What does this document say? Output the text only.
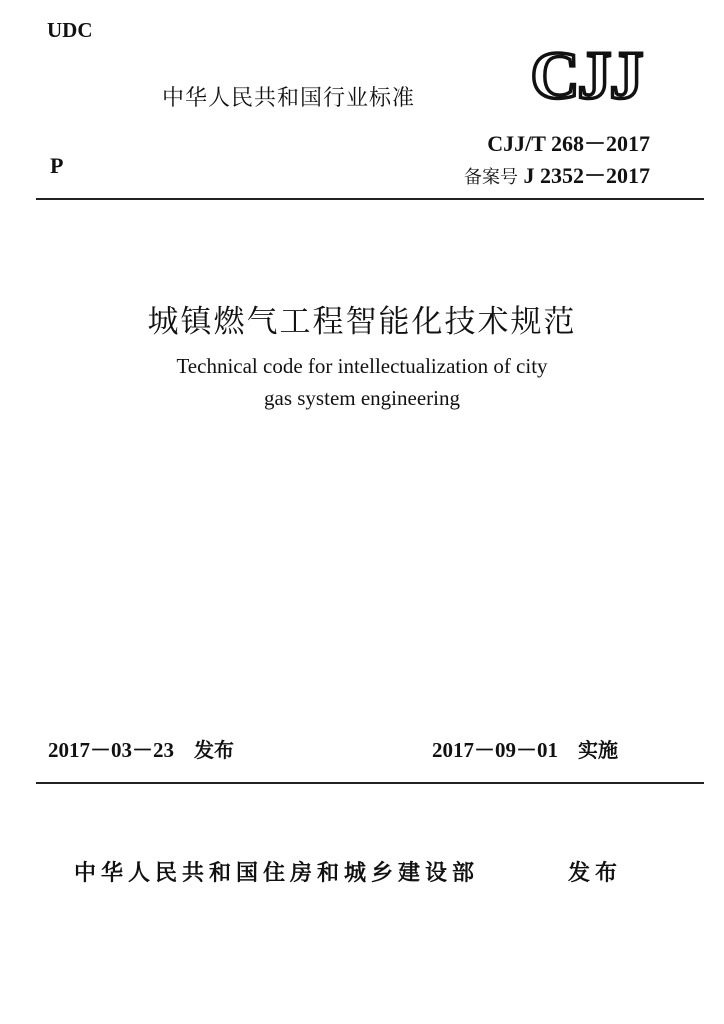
UDC
中华人民共和国行业标准 CJJ
P
CJJ/T 268－2017
备案号 J 2352－2017
城镇燃气工程智能化技术规范
Technical code for intellectualization of city
gas system engineering
2017－03－23 发布	2017－09－01 实施
中华人民共和国住房和城乡建设部	发布
